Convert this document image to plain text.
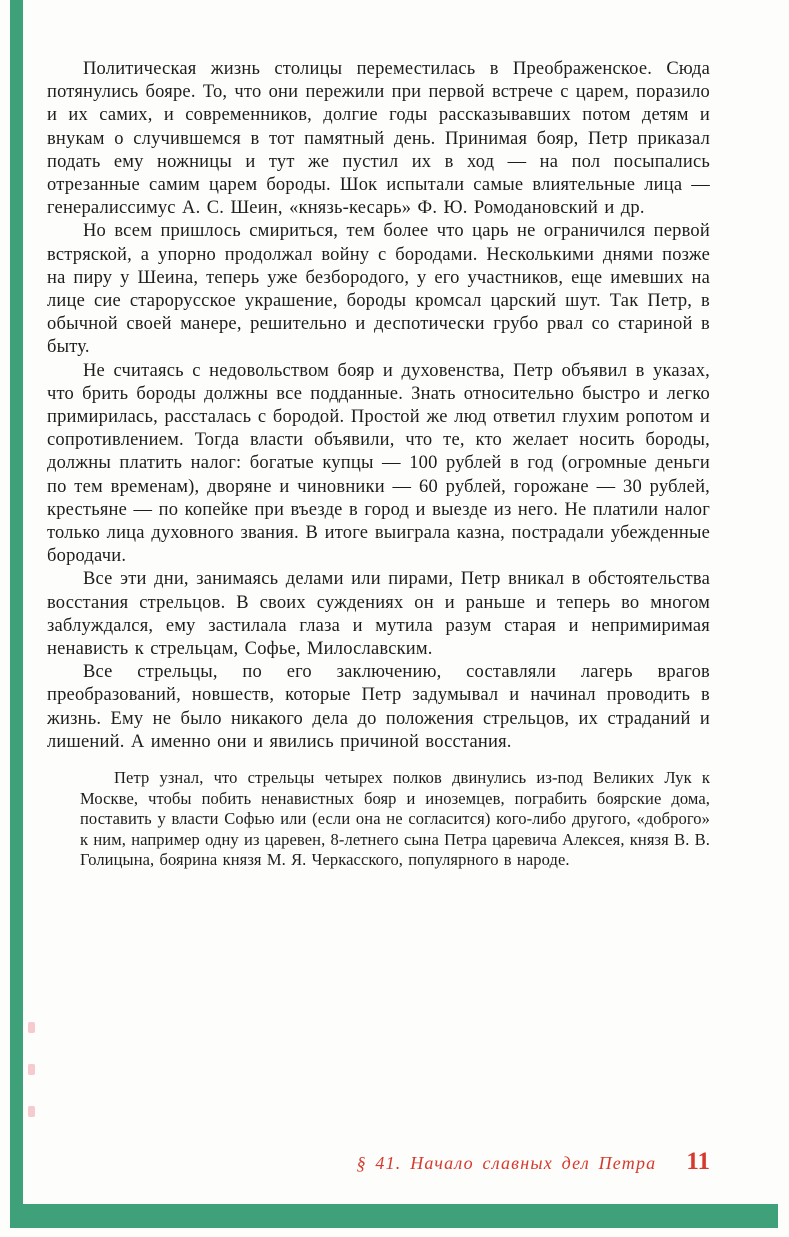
Политическая жизнь столицы переместилась в Преображенское. Сюда потянулись бояре. То, что они пережили при первой встрече с царем, поразило и их самих, и современников, долгие годы рассказывавших потом детям и внукам о случившемся в тот памятный день. Принимая бояр, Петр приказал подать ему ножницы и тут же пустил их в ход — на пол посыпались отрезанные самим царем бороды. Шок испытали самые влиятельные лица — генералиссимус А. С. Шеин, «князь-кесарь» Ф. Ю. Ромодановский и др.

Но всем пришлось смириться, тем более что царь не ограничился первой встряской, а упорно продолжал войну с бородами. Несколькими днями позже на пиру у Шеина, теперь уже безбородого, у его участников, еще имевших на лице сие старорусское украшение, бороды кромсал царский шут. Так Петр, в обычной своей манере, решительно и деспотически грубо рвал со стариной в быту.

Не считаясь с недовольством бояр и духовенства, Петр объявил в указах, что брить бороды должны все подданные. Знать относительно быстро и легко примирилась, рассталась с бородой. Простой же люд ответил глухим ропотом и сопротивлением. Тогда власти объявили, что те, кто желает носить бороды, должны платить налог: богатые купцы — 100 рублей в год (огромные деньги по тем временам), дворяне и чиновники — 60 рублей, горожане — 30 рублей, крестьяне — по копейке при въезде в город и выезде из него. Не платили налог только лица духовного звания. В итоге выиграла казна, пострадали убежденные бородачи.

Все эти дни, занимаясь делами или пирами, Петр вникал в обстоятельства восстания стрельцов. В своих суждениях он и раньше и теперь во многом заблуждался, ему застилала глаза и мутила разум старая и непримиримая ненависть к стрельцам, Софье, Милославским.

Все стрельцы, по его заключению, составляли лагерь врагов преобразований, новшеств, которые Петр задумывал и начинал проводить в жизнь. Ему не было никакого дела до положения стрельцов, их страданий и лишений. А именно они и явились причиной восстания.

Петр узнал, что стрельцы четырех полков двинулись из-под Великих Лук к Москве, чтобы побить ненавистных бояр и иноземцев, пограбить боярские дома, поставить у власти Софью или (если она не согласится) кого-либо другого, «доброго» к ним, например одну из царевен, 8-летнего сына Петра царевича Алексея, князя В. В. Голицына, боярина князя М. Я. Черкасского, популярного в народе.

§ 41. Начало славных дел Петра 11
